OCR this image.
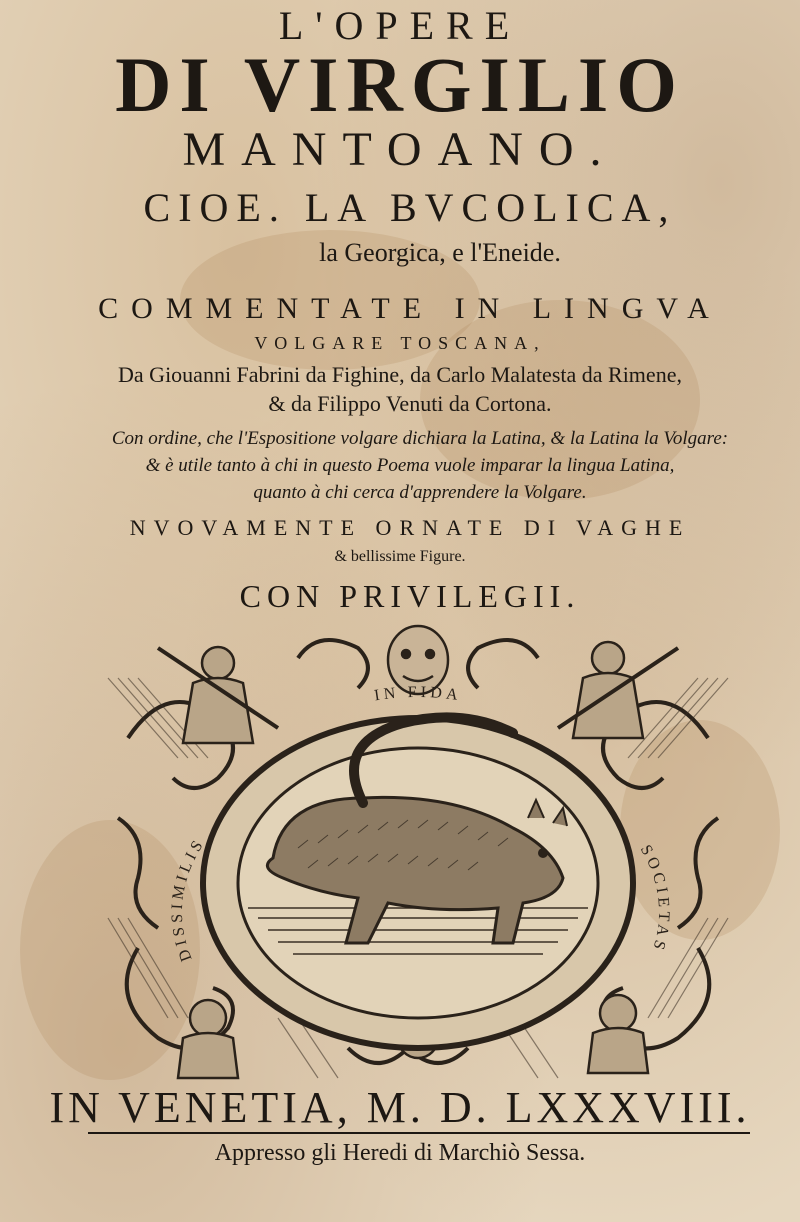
L'OPERE
DI VIRGILIO
MANTOANO.
CIOE. LA BVCOLICA,
la Georgica, e l'Eneide.
COMMENTATE IN LINGVA
VOLGARE TOSCANA,
Da Giouanni Fabrini da Fighine, da Carlo Malatesta da Rimene,
& da Filippo Venuti da Cortona.
Con ordine, che l'Espositione volgare dichiara la Latina, & la Latina la Volgare:
& è utile tanto à chi in questo Poema vuole imparar la lingua Latina,
quanto à chi cerca d'apprendere la Volgare.
NVOVAMENTE ORNATE DI VAGHE
& bellissime Figure.
CON PRIVILEGII.
IN FIDA
DISSIMILIS	SOCIETAS
IN VENETIA, M. D. LXXXVIII.
Appresso gli Heredi di Marchiò Sessa.
